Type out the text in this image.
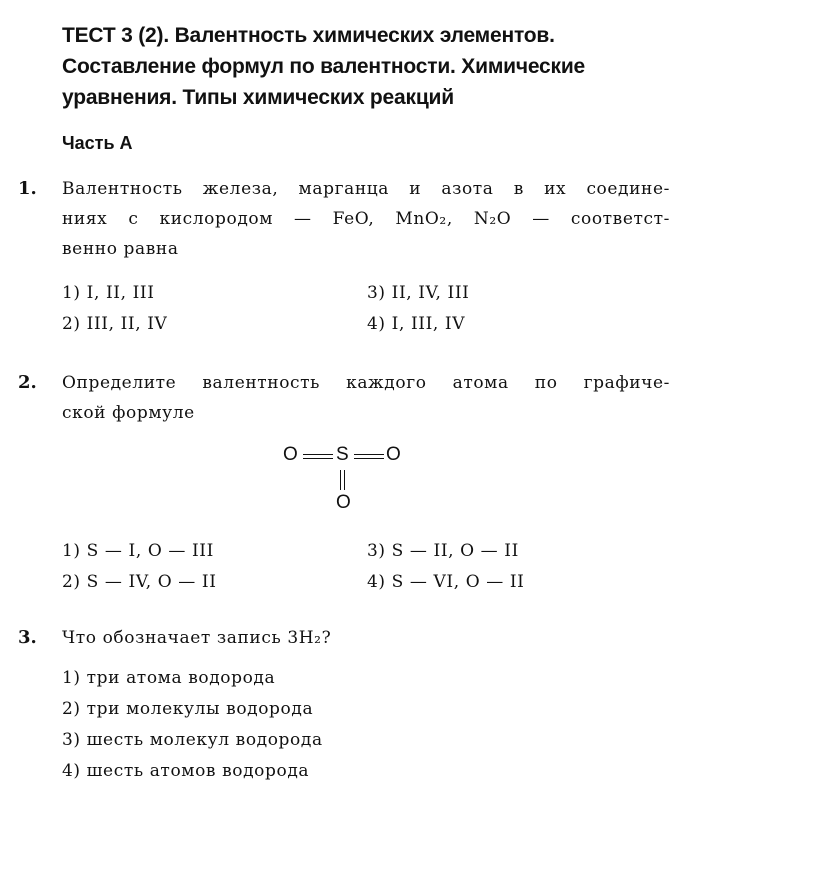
ТЕСТ 3 (2). Валентность химических элементов.
Составление формул по валентности. Химические
уравнения. Типы химических реакций
Часть А
1. Валентность железа, марганца и азота в их соедине-
ниях с кислородом — FeO, MnO₂, N₂O — соответст-
венно равна
1) I, II, III	3) II, IV, III
2) III, II, IV	4) I, III, IV
2. Определите валентность каждого атома по графиче-
ской формуле
O S O
O
1) S — I, O — III	3) S — II, O — II
2) S — IV, O — II	4) S — VI, O — II
3. Что обозначает запись 3H₂?
1) три атома водорода
2) три молекулы водорода
3) шесть молекул водорода
4) шесть атомов водорода
